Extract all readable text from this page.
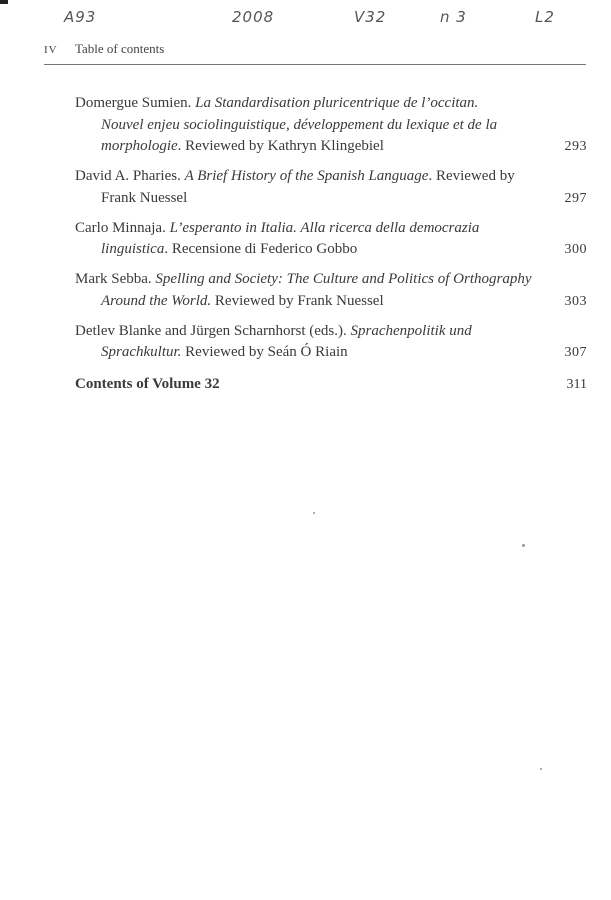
A93	2008	V32	n 3	L2
IV Table of contents
Domergue Sumien. La Standardisation pluricentrique de l’occitan.
Nouvel enjeu sociolinguistique, développement du lexique et de la
morphologie. Reviewed by Kathryn Klingebiel	293
David A. Pharies. A Brief History of the Spanish Language. Reviewed by
Frank Nuessel	297
Carlo Minnaja. L’esperanto in Italia. Alla ricerca della democrazia
linguistica. Recensione di Federico Gobbo	300
Mark Sebba. Spelling and Society: The Culture and Politics of Orthography
Around the World. Reviewed by Frank Nuessel	303
Detlev Blanke and Jürgen Scharnhorst (eds.). Sprachenpolitik und
Sprachkultur. Reviewed by Seán Ó Riain	307
Contents of Volume 32	311
